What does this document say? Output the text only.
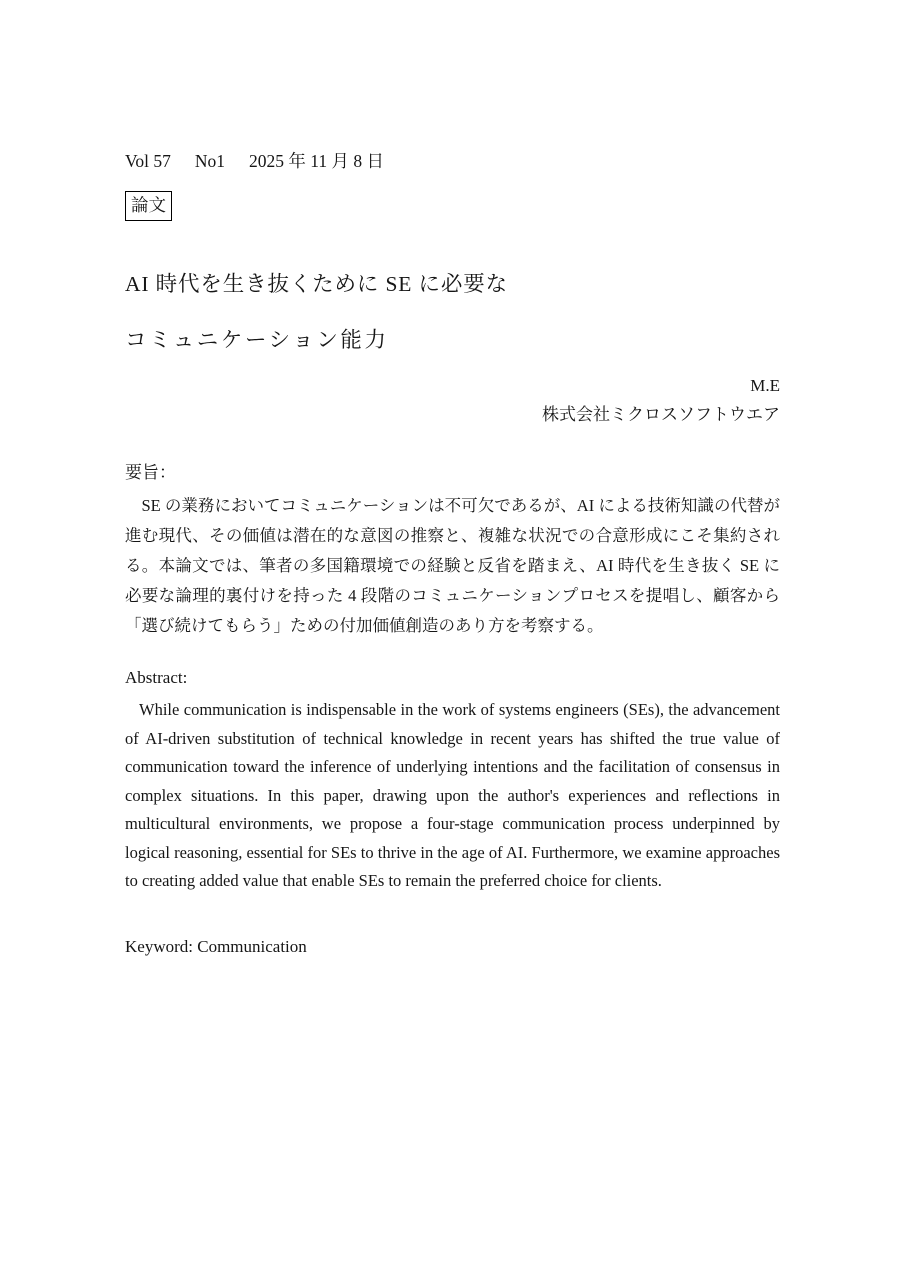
Vol 57 No1 2025 年 11 月 8 日
論文
AI 時代を生き抜くために SE に必要な
コミュニケーション能力
M.E
株式会社ミクロスソフトウエア
要旨：

SE の業務においてコミュニケーションは不可欠であるが、AI による技術知識の代替が進む現代、その価値は潜在的な意図の推察と、複雑な状況での合意形成にこそ集約される。本論文では、筆者の多国籍環境での経験と反省を踏まえ、AI 時代を生き抜く SE に必要な論理的裏付けを持った 4 段階のコミュニケーションプロセスを提唱し、顧客から「選び続けてもらう」ための付加価値創造のあり方を考察する。

Abstract:

While communication is indispensable in the work of systems engineers (SEs), the advancement of AI-driven substitution of technical knowledge in recent years has shifted the true value of communication toward the inference of underlying intentions and the facilitation of consensus in complex situations. In this paper, drawing upon the author's experiences and reflections in multicultural environments, we propose a four-stage communication process underpinned by logical reasoning, essential for SEs to thrive in the age of AI. Furthermore, we examine approaches to creating added value that enable SEs to remain the preferred choice for clients.

Keyword: Communication
